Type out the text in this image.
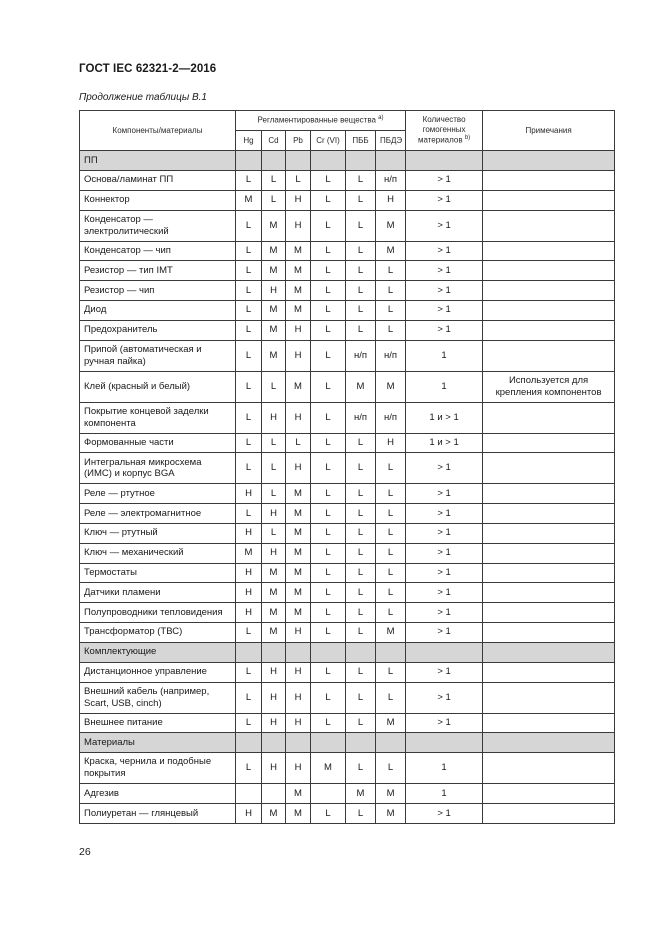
ГОСТ IEC 62321-2—2016
Продолжение таблицы В.1
Компоненты/материалы	Регламентированные вещества $^{a)}$						Количество
гомогенных
материалов $^{b)}$	Примечания
	Hg	Cd	Pb	Cr (VI)	ПББ	ПБДЭ		
ПП								
Основа/ламинат ПП	L	L	L	L	L	н/п	> 1	
Коннектор	M	L	H	L	L	H	> 1	
Конденсатор — электролитический	L	M	H	L	L	M	> 1	
Конденсатор — чип	L	M	M	L	L	M	> 1	
Резистор — тип IMT	L	M	M	L	L	L	> 1	
Резистор — чип	L	H	M	L	L	L	> 1	
Диод	L	M	M	L	L	L	> 1	
Предохранитель	L	M	H	L	L	L	> 1	
Припой (автоматическая и ручная пайка)	L	M	H	L	н/п	н/п	1	
Клей (красный и белый)	L	L	M	L	M	M	1	Используется для крепления компонентов
Покрытие концевой заделки компонента	L	H	H	L	н/п	н/п	1 и > 1	
Формованные части	L	L	L	L	L	H	1 и > 1	
Интегральная микросхема (ИМС) и корпус BGA	L	L	H	L	L	L	> 1	
Реле — ртутное	H	L	M	L	L	L	> 1	
Реле — электромагнитное	L	H	M	L	L	L	> 1	
Ключ — ртутный	H	L	M	L	L	L	> 1	
Ключ — механический	M	H	M	L	L	L	> 1	
Термостаты	H	M	M	L	L	L	> 1	
Датчики пламени	H	M	M	L	L	L	> 1	
Полупроводники тепловидения	H	M	M	L	L	L	> 1	
Трансформатор (ТВС)	L	M	H	L	L	M	> 1	
Комплектующие								
Дистанционное управление	L	H	H	L	L	L	> 1	
Внешний кабель (например, Scart, USB, cinch)	L	H	H	L	L	L	> 1	
Внешнее питание	L	H	H	L	L	M	> 1	
Материалы								
Краска, чернила и подобные покрытия	L	H	H	M	L	L	1	
Адгезив			M		M	M	1	
Полиуретан — глянцевый	H	M	M	L	L	M	> 1	
26
